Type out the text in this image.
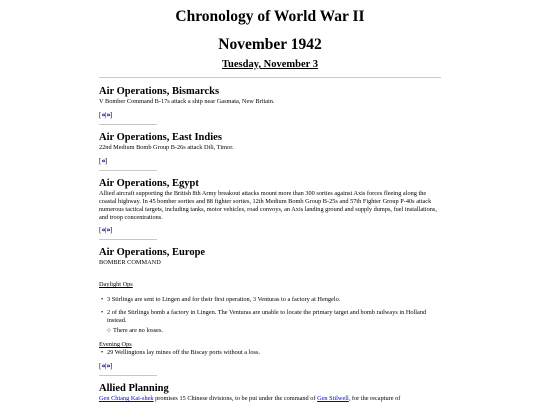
Chronology of World War II
November 1942
Tuesday, November 3
Air Operations, Bismarcks
V Bomber Command B-17s attack a ship near Gasmata, New Britain.
[«|»]
Air Operations, East Indies
22nd Medium Bomb Group B-26s attack Dili, Timor.
[«]
Air Operations, Egypt
Allied aircraft supporting the British 8th Army breakout attacks mount more than 300 sorties against Axis forces fleeing along the coastal highway. In 45 bomber sorties and 88 fighter sorties, 12th Medium Bomb Group B-25s and 57th Fighter Group P-40s attack numerous tactical targets, including tanks, motor vehicles, road convoys, an Axis landing ground and supply dumps, fuel installations, and troop concentrations.
[«|»]
Air Operations, Europe
BOMBER COMMAND
Daylight Ops
• 3 Stirlings are sent to Lingen and for their first operation, 3 Venturas to a factory at Hengelo.
• 2 of the Stirlings bomb a factory in Lingen. The Venturas are unable to locate the primary target and bomb railways in Holland instead.
○ There are no losses.
Evening Ops
• 29 Wellingtons lay mines off the Biscay ports without a loss.
[«|»]
Allied Planning
Gen Chiang Kai-shek promises 15 Chinese divisions, to be put under the command of Gen Stilwell, for the recapture of
